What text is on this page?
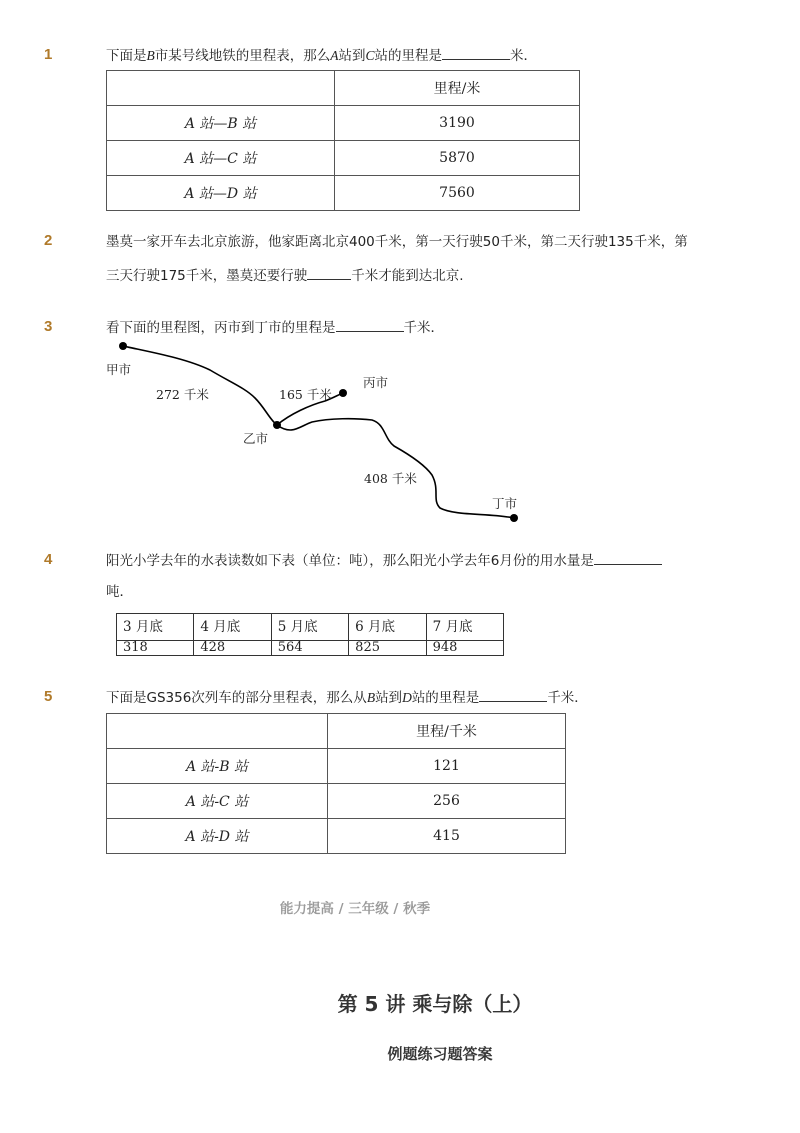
1	下面是B市某号线地铁的里程表，那么A站到C站的里程是	米．
	里程/米
A 站—B 站	3190
A 站—C 站	5870
A 站—D 站	7560
2	墨莫一家开车去北京旅游，他家距离北京400千米，第一天行驶50千米，第二天行驶135千米，第
三天行驶175千米，墨莫还要行驶	千米才能到达北京.
3	看下面的里程图，丙市到丁市的里程是	千米．
甲市
272 千米	165 千米
丙市
乙市
408 千米
丁市
4	阳光小学去年的水表读数如下表（单位：吨），那么阳光小学去年6月份的用水量是
吨．
3 月底	4 月底	5 月底	6 月底	7 月底
318	428	564	825	948
5	下面是GS356次列车的部分里程表，那么从B站到D站的里程是	千米．
	里程/千米
A 站-B 站	121
A 站-C 站	256
A 站-D 站	415
能力提高 / 三年级 / 秋季
第 5 讲 乘与除（上）
例题练习题答案
